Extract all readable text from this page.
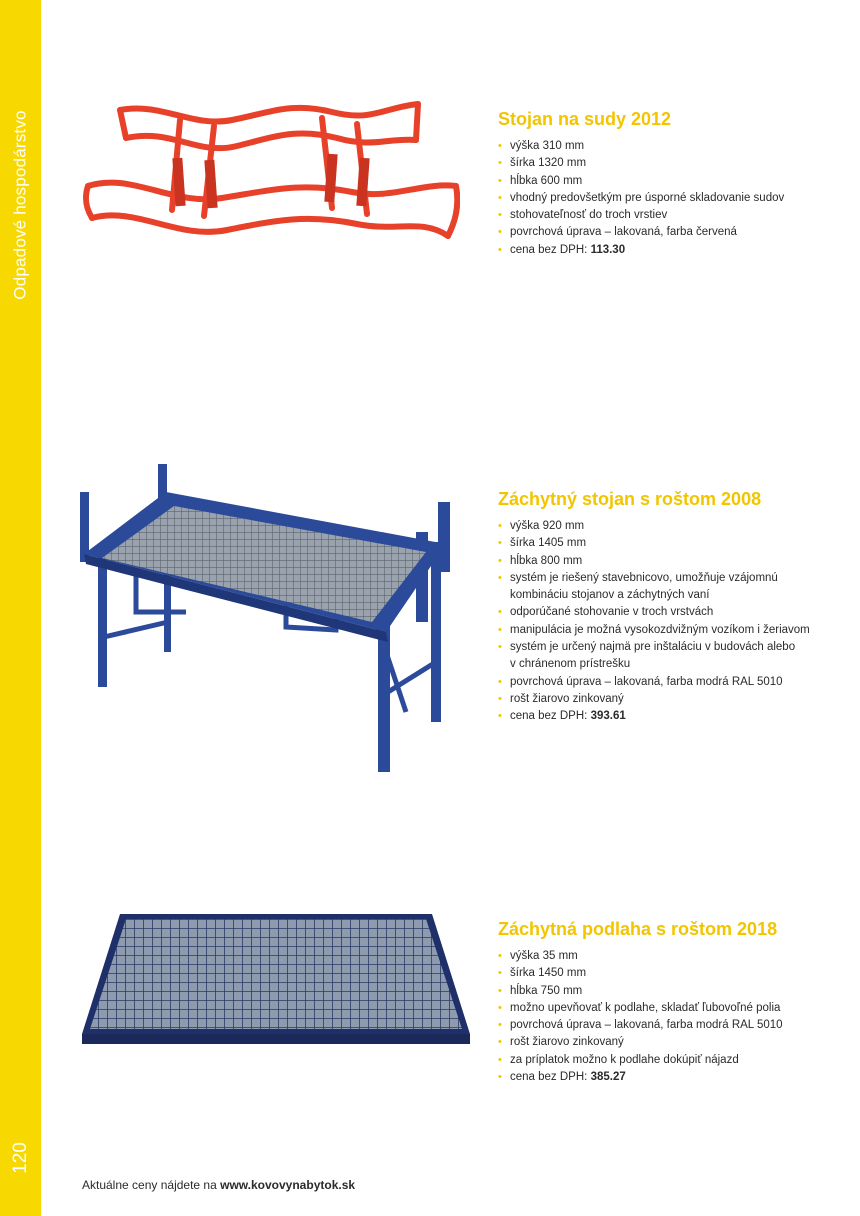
Odpadové hospodárstvo
120
Stojan na sudy 2012
• výška 310 mm
• šírka 1320 mm
• hĺbka 600 mm
• vhodný predovšetkým pre úsporné skladovanie sudov
• stohovateľnosť do troch vrstiev
• povrchová úprava – lakovaná, farba červená
• cena bez DPH: 113.30
Záchytný stojan s roštom 2008
• výška 920 mm
• šírka 1405 mm
• hĺbka 800 mm
• systém je riešený stavebnicovo, umožňuje vzájomnú kombináciu stojanov a záchytných vaní
• odporúčané stohovanie v troch vrstvách
• manipulácia je možná vysokozdvižným vozíkom i žeriavom
• systém je určený najmä pre inštaláciu v budovách alebo v chránenom prístrešku
• povrchová úprava – lakovaná, farba modrá RAL 5010
• rošt žiarovo zinkovaný
• cena bez DPH: 393.61
Záchytná podlaha s roštom 2018
• výška 35 mm
• šírka 1450 mm
• hĺbka 750 mm
• možno upevňovať k podlahe, skladať ľubovoľné polia
• povrchová úprava – lakovaná, farba modrá RAL 5010
• rošt žiarovo zinkovaný
• za príplatok možno k podlahe dokúpiť nájazd
• cena bez DPH: 385.27
Aktuálne ceny nájdete na www.kovovynabytok.sk
